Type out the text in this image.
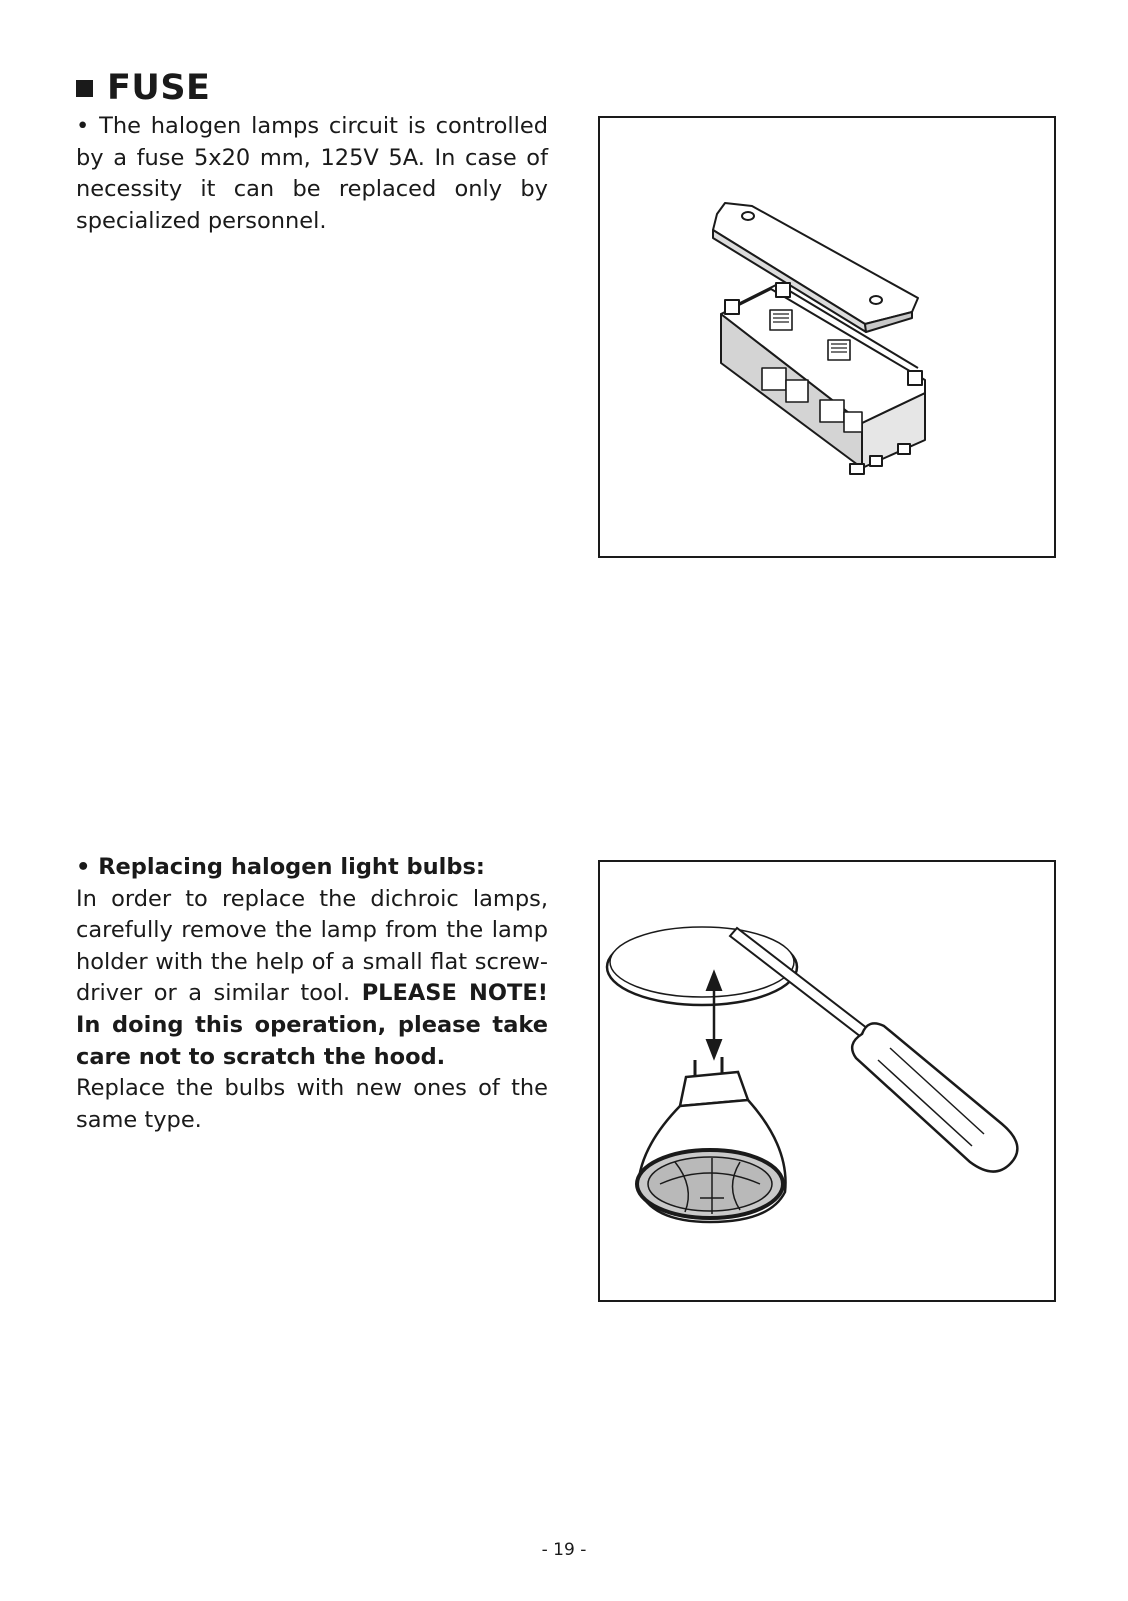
FUSE

• The halogen lamps circuit is controlled by a fuse 5x20 mm, 125V 5A. In case of necessity it can be replaced only by specialized personnel.

• Replacing halogen light bulbs:

In order to replace the dichroic lamps, carefully remove the lamp from the lamp holder with the help of a small flat screw-driver or a similar tool. PLEASE NOTE! In doing this operation, please take care not to scratch the hood.

Replace the bulbs with new ones of the same type.

- 19 -
